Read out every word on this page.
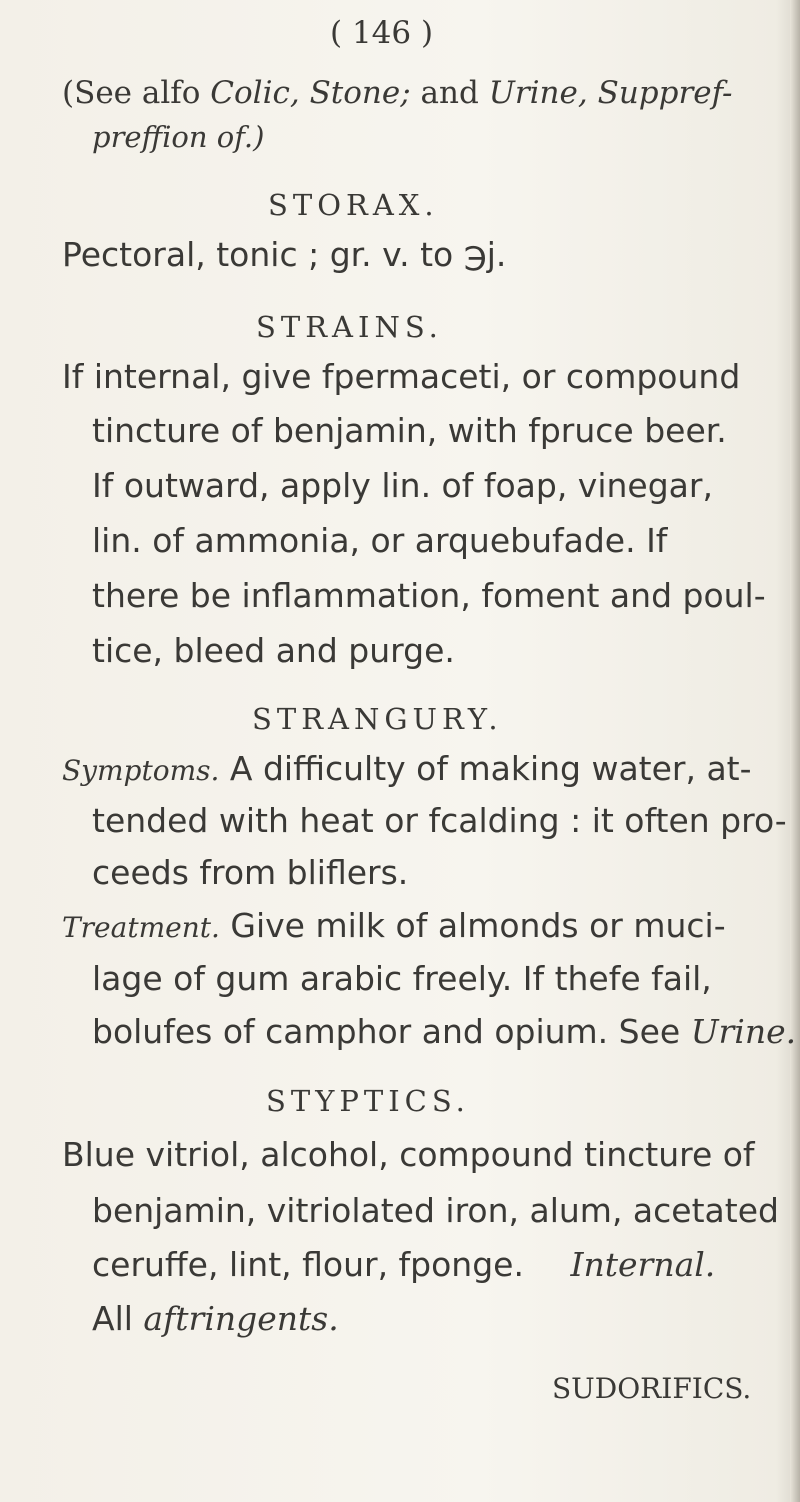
( 146 )
(See alfo Colic, Stone; and Urine, Suppref-
preffion of.)
STORAX.
Pectoral, tonic ; gr. v. to ℈j.
STRAINS.
If internal, give fpermaceti, or compound
tincture of benjamin, with fpruce beer.
If outward, apply lin. of foap, vinegar,
lin. of ammonia, or arquebufade. If
there be inflammation, foment and poul-
tice, bleed and purge.
STRANGURY.
Symptoms. A difficulty of making water, at-
tended with heat or fcalding : it often pro-
ceeds from bliflers.
Treatment. Give milk of almonds or muci-
lage of gum arabic freely. If thefe fail,
bolufes of camphor and opium. See Urine.
STYPTICS.
Blue vitriol, alcohol, compound tincture of
benjamin, vitriolated iron, alum, acetated
ceruffe, lint, flour, fponge. Internal.
All aftringents.
SUDORIFICS.
